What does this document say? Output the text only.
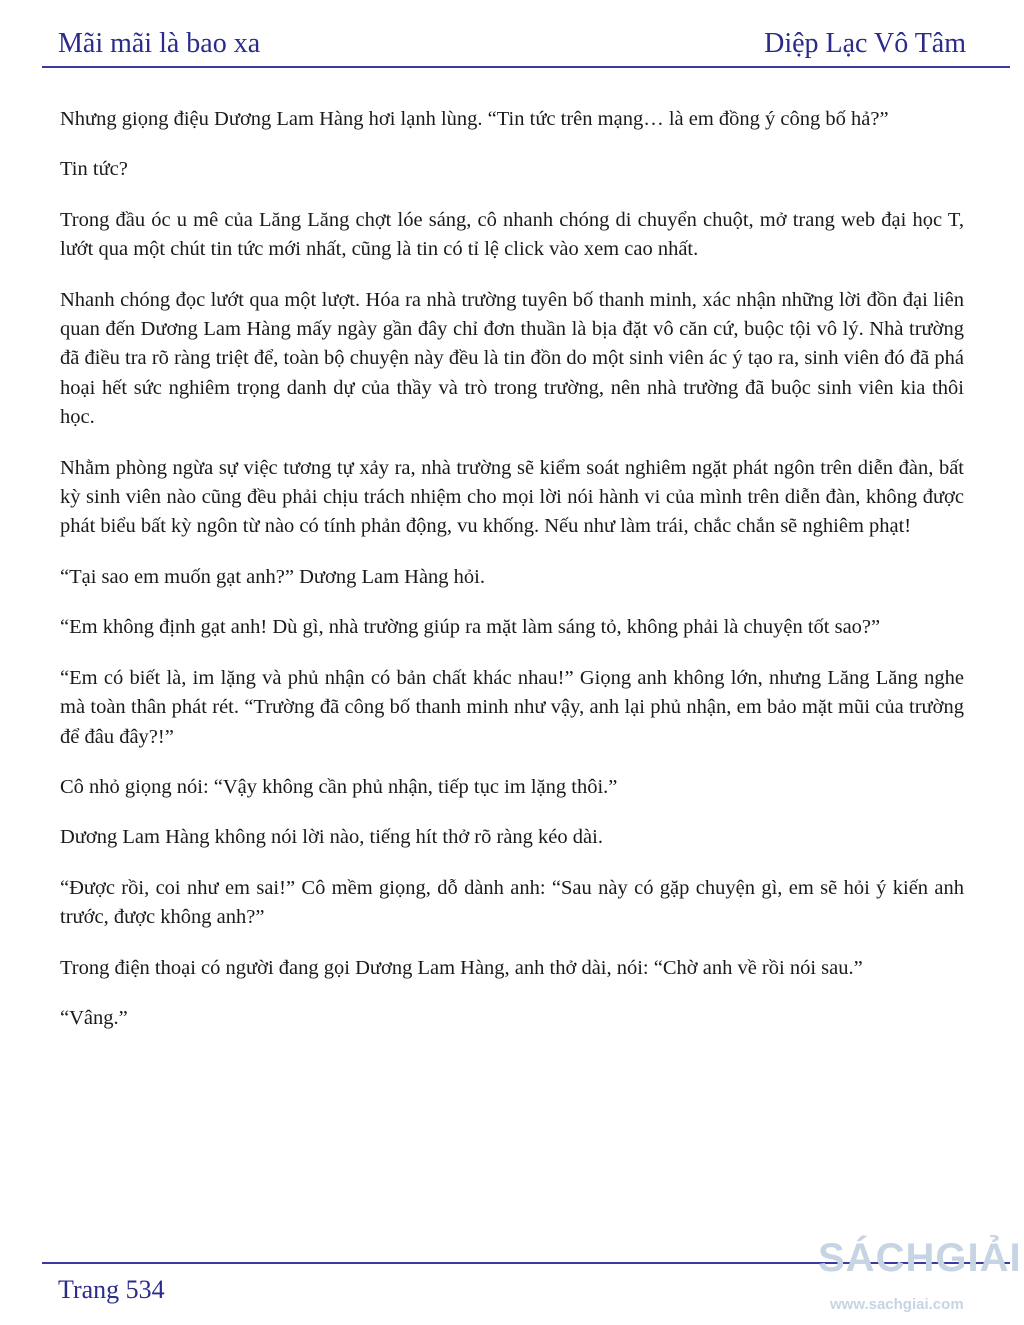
Mãi mãi là bao xa	Diệp Lạc Vô Tâm

Nhưng giọng điệu Dương Lam Hàng hơi lạnh lùng. “Tin tức trên mạng… là em đồng ý công bố hả?”

Tin tức?

Trong đầu óc u mê của Lăng Lăng chợt lóe sáng, cô nhanh chóng di chuyển chuột, mở trang web đại học T, lướt qua một chút tin tức mới nhất, cũng là tin có tỉ lệ click vào xem cao nhất.

Nhanh chóng đọc lướt qua một lượt. Hóa ra nhà trường tuyên bố thanh minh, xác nhận những lời đồn đại liên quan đến Dương Lam Hàng mấy ngày gần đây chỉ đơn thuần là bịa đặt vô căn cứ, buộc tội vô lý. Nhà trường đã điều tra rõ ràng triệt để, toàn bộ chuyện này đều là tin đồn do một sinh viên ác ý tạo ra, sinh viên đó đã phá hoại hết sức nghiêm trọng danh dự của thầy và trò trong trường, nên nhà trường đã buộc sinh viên kia thôi học.

Nhằm phòng ngừa sự việc tương tự xảy ra, nhà trường sẽ kiểm soát nghiêm ngặt phát ngôn trên diễn đàn, bất kỳ sinh viên nào cũng đều phải chịu trách nhiệm cho mọi lời nói hành vi của mình trên diễn đàn, không được phát biểu bất kỳ ngôn từ nào có tính phản động, vu khống. Nếu như làm trái, chắc chắn sẽ nghiêm phạt!

“Tại sao em muốn gạt anh?” Dương Lam Hàng hỏi.

“Em không định gạt anh! Dù gì, nhà trường giúp ra mặt làm sáng tỏ, không phải là chuyện tốt sao?”

“Em có biết là, im lặng và phủ nhận có bản chất khác nhau!” Giọng anh không lớn, nhưng Lăng Lăng nghe mà toàn thân phát rét. “Trường đã công bố thanh minh như vậy, anh lại phủ nhận, em bảo mặt mũi của trường để đâu đây?!”

Cô nhỏ giọng nói: “Vậy không cần phủ nhận, tiếp tục im lặng thôi.”

Dương Lam Hàng không nói lời nào, tiếng hít thở rõ ràng kéo dài.

“Được rồi, coi như em sai!” Cô mềm giọng, dỗ dành anh: “Sau này có gặp chuyện gì, em sẽ hỏi ý kiến anh trước, được không anh?”

Trong điện thoại có người đang gọi Dương Lam Hàng, anh thở dài, nói: “Chờ anh về rồi nói sau.”

“Vâng.”

Trang 534
SÁCHGIẢI
www.sachgiai.com
